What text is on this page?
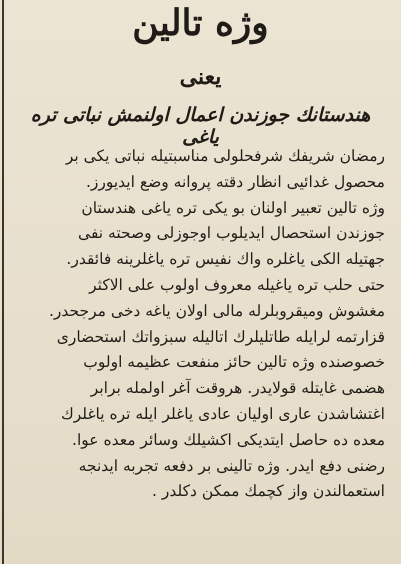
وژه تالين
يعنى
هندستانك جوزندن اعمال اولنمش نباتى تره ياغى
رمضان شريفك شرفحلولى مناسبتيله نباتى يكى بر
محصول غدائيى انظار دقته پروانه وضع ايديورز.
وژه تالين تعبير اولنان بو يكى تره ياغى هندستان
جوزندن استحصال ايديلوب اوجوزلى وصحته نفى
جهتيله الكى ياغلره واك نفيس تره ياغلرينه فائقدر.
حتى حلب تره ياغيله معروف اولوب على الاكثر
مغشوش وميقروبلرله مالى اولان ياغه دخى مرجحدر.
قزارتمه لرايله طاتليلرك اتاليله سبزواتك استحضارى
خصوصنده وژه تالين حائز منفعت عظيمه اولوب
هضمى غايتله قولايدر. هروقت آغر اولمله برابر
اغتشاشدن عارى اوليان عادى ياغلر ايله تره ياغلرك
معده ده حاصل ايتديكى اكشيلك وسائر معده عوا.
رضنى دفع ايدر. وژه تالينى بر دفعه تجربه ايدنجه
استعمالندن واز كچمك ممكن دكلدر .
